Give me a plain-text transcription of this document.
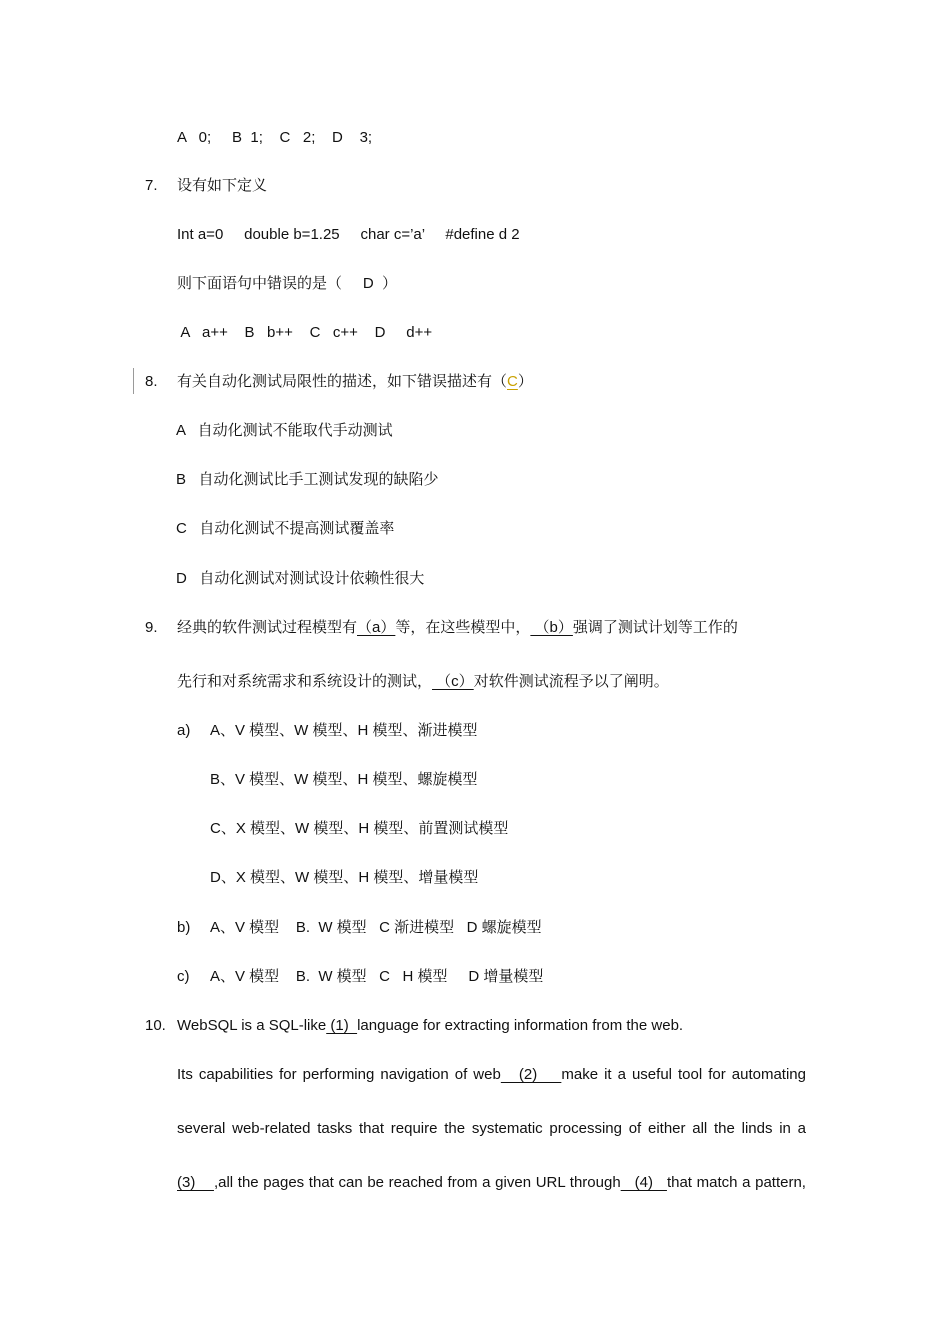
A   0;     B  1;    C   2;    D    3;
7. 设有如下定义
Int a=0     double b=1.25     char c=’a’     #define d 2
则下面语句中错误的是（     D  ）
A   a++    B   b++    C   c++    D     d++
8. 有关自动化测试局限性的描述，如下错误描述有（C）
A   自动化测试不能取代手动测试
B   自动化测试比手工测试发现的缺陷少
C   自动化测试不提高测试覆盖率
D   自动化测试对测试设计依赖性很大
9. 经典的软件测试过程模型有（a）等，在这些模型中， （b）强调了测试计划等工作的
先行和对系统需求和系统设计的测试， （c）对软件测试流程予以了阐明。
a) A、V 模型、W 模型、H 模型、渐进模型
B、V 模型、W 模型、H 模型、螺旋模型
C、X 模型、W 模型、H 模型、前置测试模型
D、X 模型、W 模型、H 模型、增量模型
b) A、V 模型    B.  W 模型   C 渐进模型   D 螺旋模型
c) A、V 模型    B.  W 模型   C   H 模型     D 增量模型
10. WebSQL is a SQL-like (1)  language for extracting information from the web.
Its capabilities for performing navigation of web   (2)    make it a useful tool for automating
several web-related tasks that require the systematic processing of either all the linds in a
(3)    ,all the pages that can be reached from a given URL through   (4)   that match a pattern,
